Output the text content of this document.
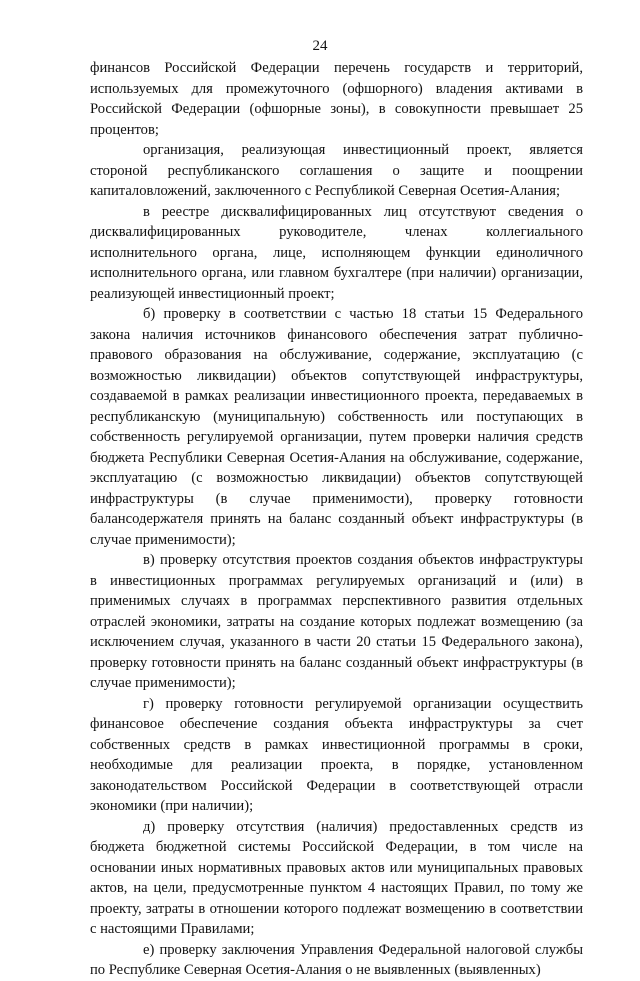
24

финансов Российской Федерации перечень государств и территорий, используемых для промежуточного (офшорного) владения активами в Российской Федерации (офшорные зоны), в совокупности превышает 25 процентов;

организация, реализующая инвестиционный проект, является стороной республиканского соглашения о защите и поощрении капиталовложений, заключенного с Республикой Северная Осетия-Алания;

в реестре дисквалифицированных лиц отсутствуют сведения о дисквалифицированных руководителе, членах коллегиального исполнительного органа, лице, исполняющем функции единоличного исполнительного органа, или главном бухгалтере (при наличии) организации, реализующей инвестиционный проект;

б) проверку в соответствии с частью 18 статьи 15 Федерального закона наличия источников финансового обеспечения затрат публично-правового образования на обслуживание, содержание, эксплуатацию (с возможностью ликвидации) объектов сопутствующей инфраструктуры, создаваемой в рамках реализации инвестиционного проекта, передаваемых в республиканскую (муниципальную) собственность или поступающих в собственность регулируемой организации, путем проверки наличия средств бюджета Республики Северная Осетия-Алания на обслуживание, содержание, эксплуатацию (с возможностью ликвидации) объектов сопутствующей инфраструктуры (в случае применимости), проверку готовности балансодержателя принять на баланс созданный объект инфраструктуры (в случае применимости);

в) проверку отсутствия проектов создания объектов инфраструктуры в инвестиционных программах регулируемых организаций и (или) в применимых случаях в программах перспективного развития отдельных отраслей экономики, затраты на создание которых подлежат возмещению (за исключением случая, указанного в части 20 статьи 15 Федерального закона), проверку готовности принять на баланс созданный объект инфраструктуры (в случае применимости);

г) проверку готовности регулируемой организации осуществить финансовое обеспечение создания объекта инфраструктуры за счет собственных средств в рамках инвестиционной программы в сроки, необходимые для реализации проекта, в порядке, установленном законодательством Российской Федерации в соответствующей отрасли экономики (при наличии);

д) проверку отсутствия (наличия) предоставленных средств из бюджета бюджетной системы Российской Федерации, в том числе на основании иных нормативных правовых актов или муниципальных правовых актов, на цели, предусмотренные пунктом 4 настоящих Правил, по тому же проекту, затраты в отношении которого подлежат возмещению в соответствии с настоящими Правилами;

е) проверку заключения Управления Федеральной налоговой службы по Республике Северная Осетия-Алания о не выявленных (выявленных)
